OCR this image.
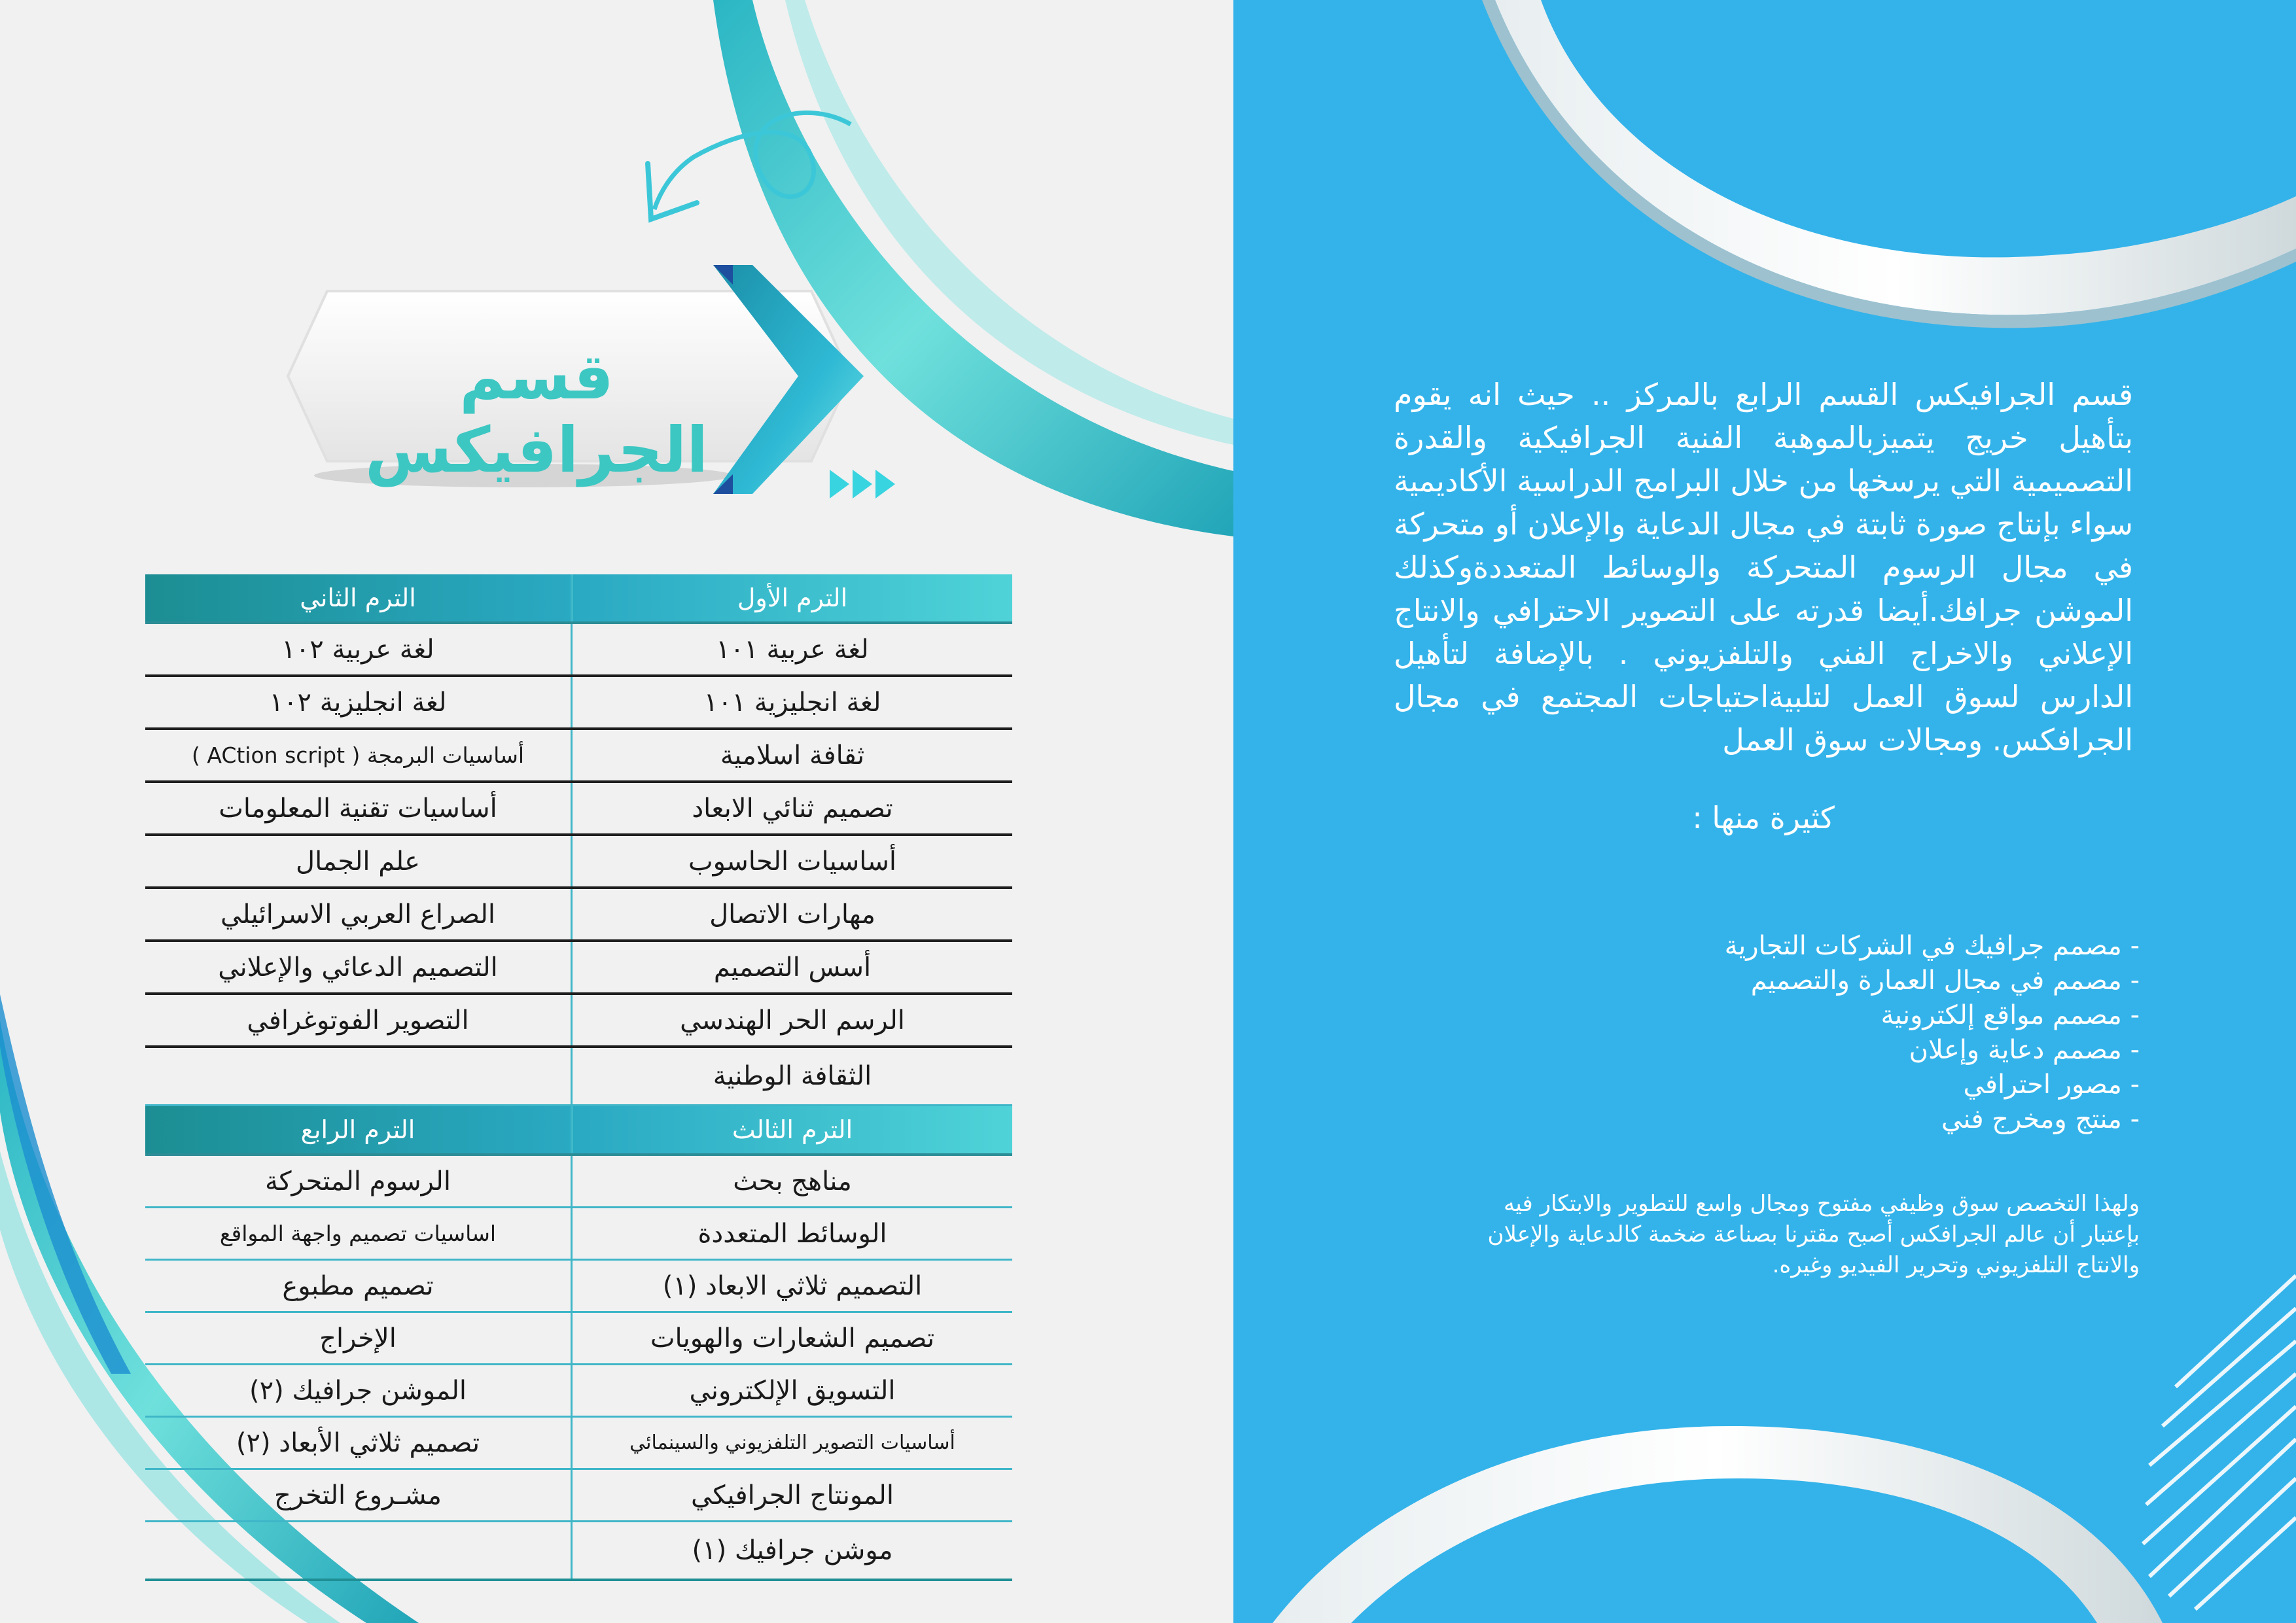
قسم الجرافيكس
الترم الأول	الترم الثاني
لغة عربية ١٠١	لغة عربية ١٠٢
لغة انجليزية ١٠١	لغة انجليزية ١٠٢
ثقافة اسلامية	أساسيات البرمجة ( ACtion script )
تصميم ثنائي الابعاد	أساسيات تقنية المعلومات
أساسيات الحاسوب	علم الجمال
مهارات الاتصال	الصراع العربي الاسرائيلي
أسس التصميم	التصميم الدعائي والإعلاني
الرسم الحر الهندسي	التصوير الفوتوغرافي
الثقافة الوطنية	
الترم الثالث	الترم الرابع
مناهج بحث	الرسوم المتحركة
الوسائط المتعددة	اساسيات تصميم واجهة المواقع
التصميم ثلاثي الابعاد (١)	تصميم مطبوع
تصميم الشعارات والهويات	الإخراج
التسويق الإلكتروني	الموشن جرافيك (٢)
أساسيات التصوير التلفزيوني والسينمائي	تصميم ثلاثي الأبعاد (٢)
المونتاج الجرافيكي	مشـروع التخرج
موشن جرافيك (١)	
قسم الجرافيكس القسم الرابع بالمركز .. حيث انه يقوم بتأهيل خريج يتميزبالموهبة الفنية الجرافيكية والقدرة التصميمية التي يرسخها من خلال البرامج الدراسية الأكاديمية سواء بإنتاج صورة ثابتة في مجال الدعاية والإعلان أو متحركة في مجال الرسوم المتحركة والوسائط المتعددةوكذلك الموشن جرافك.أيضا قدرته على التصوير الاحترافي والانتاج الإعلاني والاخراج الفني والتلفزيوني . بالإضافة لتأهيل الدارس لسوق العمل لتلبيةاحتياجات المجتمع في مجال الجرافكس. ومجالات سوق العمل
كثيرة منها :
- مصمم جرافيك في الشركات التجارية
- مصمم في مجال العمارة والتصميم
- مصمم مواقع إلكترونية
- مصمم دعاية وإعلان
- مصور احترافي
- منتج ومخرج فني
ولهذا التخصص سوق وظيفي مفتوح ومجال واسع للتطوير والابتكار فيه بإعتبار أن عالم الجرافكس أصبح مقترنا بصناعة ضخمة كالدعاية والإعلان والانتاج التلفزيوني وتحرير الفيديو وغيره.
